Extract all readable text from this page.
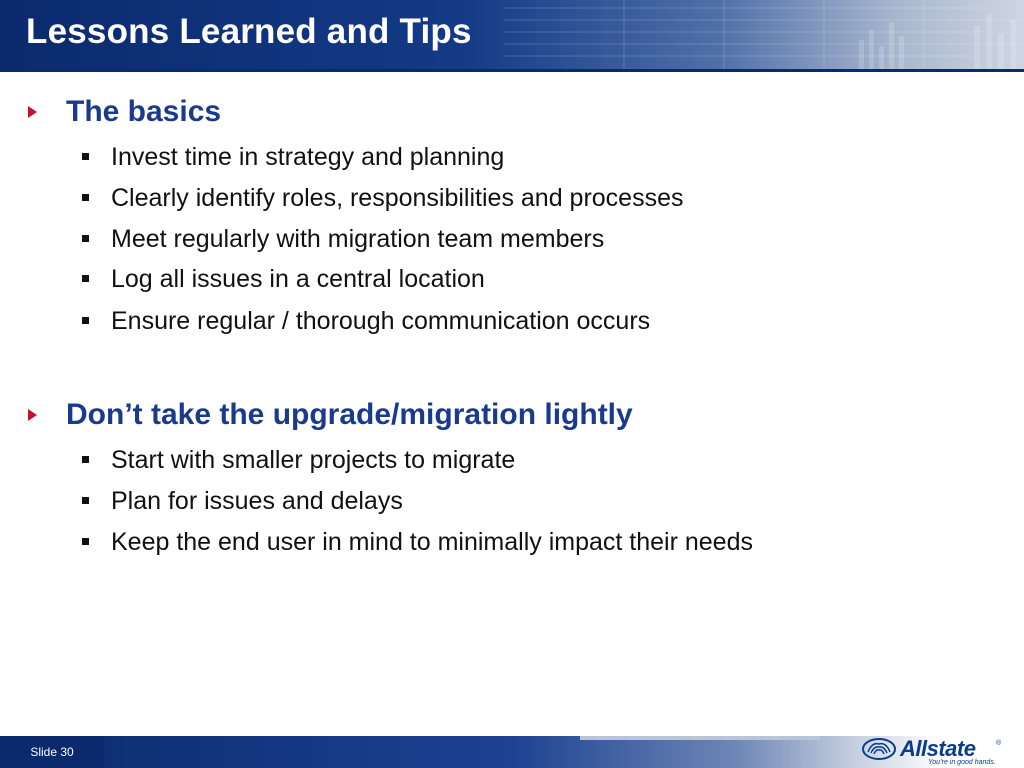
Lessons Learned and Tips
The basics
Invest time in strategy and planning
Clearly identify roles, responsibilities and processes
Meet regularly with migration team members
Log all issues in a central location
Ensure regular / thorough communication occurs
Don’t take the upgrade/migration lightly
Start with smaller projects to migrate
Plan for issues and delays
Keep the end user in mind to minimally impact their needs
Slide 30	Allstate	®
You’re in good hands.
